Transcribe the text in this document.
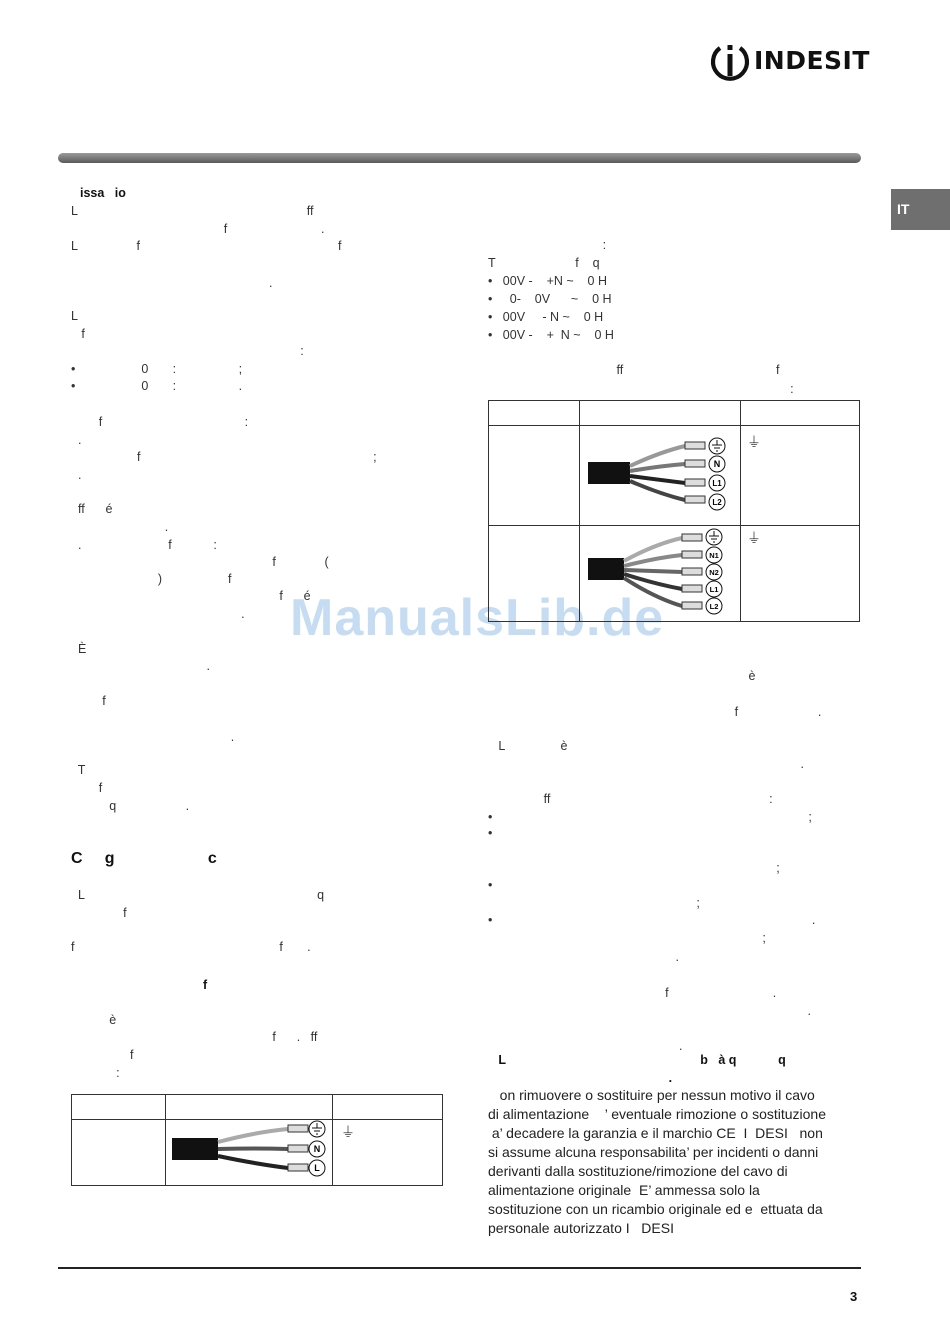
INDESIT

IT
issa   io
L                                                                  ff
f                           .
L                 f                                                         f
.
L
f
:
•                   0       :                  ;
•                   0       :                  .
f                                         :
.
f                                                                   ;
.
ff      é
.
.                         f            :
f              (
)                   f
f      é
.
È
.
f
.
T
f
q                    .
C     g                     c
L                                                                   q
f
f                                                           f       .
f
è
f      .   ff
f
:
:
T                       f    q
•   00V -    +N ~    0 H
•     0-    0V      ~    0 H
•   00V     - N ~    0 H
•   00V -    +  N ~    0 H
ff                                            f
:
è
f                       .
L                è
.
ff                                                               :
•                                                                                           ;
•
;
•
;
•                                                                                            .
;
.
f                              .
.
.
L                                                        b   à q            q
.
ManualsLib.de

N
L1
L2	⏚

N1
N2
L1
L2	⏚

N
L	⏚

on rimuovere o sostituire per nessun motivo il cavo

di alimentazione    ’ eventuale rimozione o sostituzione

a’ decadere la garanzia e il marchio CE  I  DESI   non

si assume alcuna responsabilita’ per incidenti o danni

derivanti dalla sostituzione/rimozione del cavo di

alimentazione originale  E’ ammessa solo la

sostituzione con un ricambio originale ed e  ettuata da

personale autorizzato I   DESI

3
